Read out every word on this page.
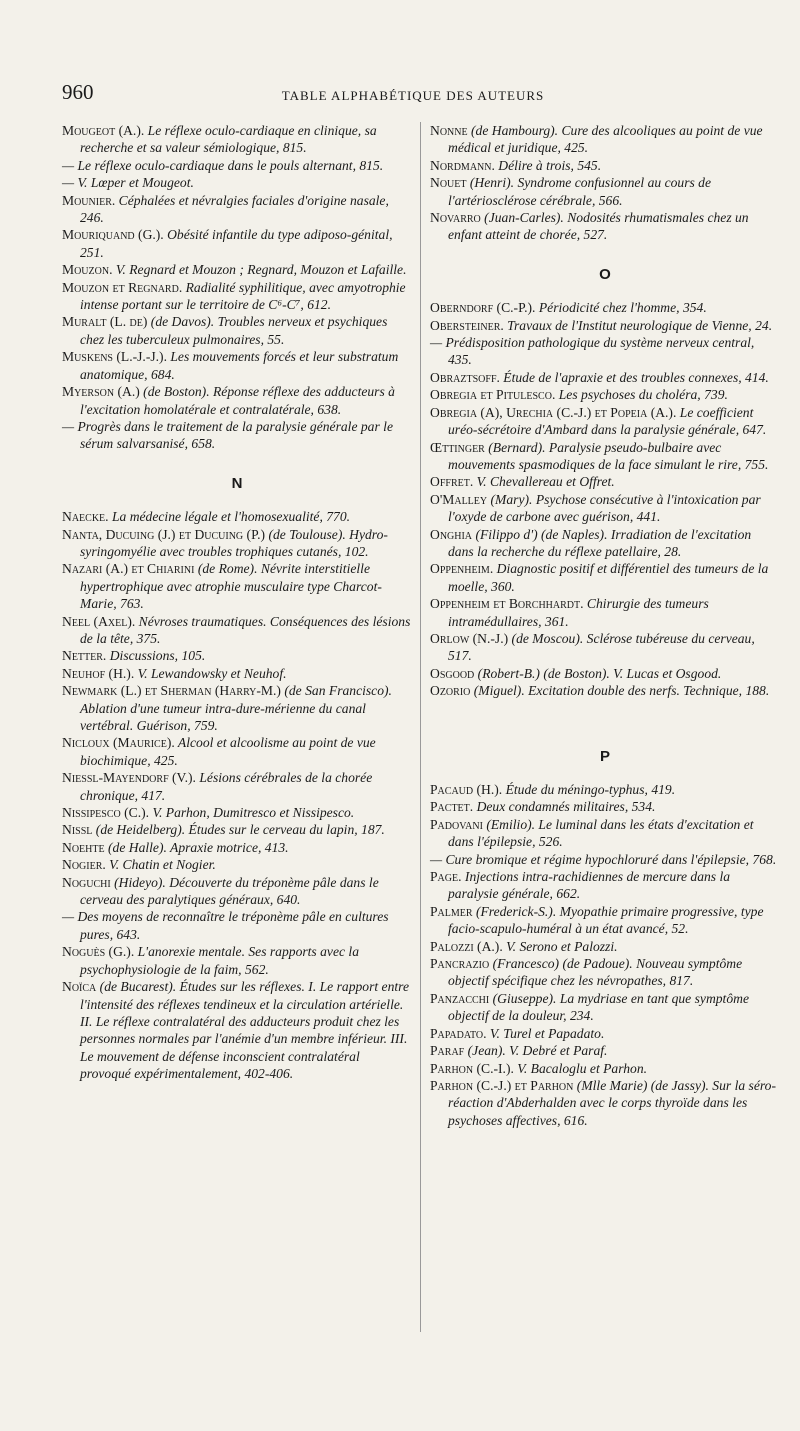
960	TABLE ALPHABÉTIQUE DES AUTEURS
Mougeot (A.). Le réflexe oculo-cardiaque en clinique, sa recherche et sa valeur sémiologique, 815.
— Le réflexe oculo-cardiaque dans le pouls alternant, 815.
— V. Lœper et Mougeot.
Mounier. Céphalées et névralgies faciales d'origine nasale, 246.
Mouriquand (G.). Obésité infantile du type adiposo-génital, 251.
Mouzon. V. Regnard et Mouzon ; Regnard, Mouzon et Lafaille.
Mouzon et Regnard. Radialité syphilitique, avec amyotrophie intense portant sur le territoire de C⁶-C⁷, 612.
Muralt (L. de) (de Davos). Troubles nerveux et psychiques chez les tuberculeux pulmonaires, 55.
Muskens (L.-J.-J.). Les mouvements forcés et leur substratum anatomique, 684.
Myerson (A.) (de Boston). Réponse réflexe des adducteurs à l'excitation homolatérale et contralatérale, 638.
— Progrès dans le traitement de la paralysie générale par le sérum salvarsanisé, 658.
N
Naecke. La médecine légale et l'homosexualité, 770.
Nanta, Ducuing (J.) et Ducuing (P.) (de Toulouse). Hydro-syringomyélie avec troubles trophiques cutanés, 102.
Nazari (A.) et Chiarini (de Rome). Névrite interstitielle hypertrophique avec atrophie musculaire type Charcot-Marie, 763.
Neel (Axel). Névroses traumatiques. Conséquences des lésions de la tête, 375.
Netter. Discussions, 105.
Neuhof (H.). V. Lewandowsky et Neuhof.
Newmark (L.) et Sherman (Harry-M.) (de San Francisco). Ablation d'une tumeur intra-dure-mérienne du canal vertébral. Guérison, 759.
Nicloux (Maurice). Alcool et alcoolisme au point de vue biochimique, 425.
Niessl-Mayendorf (V.). Lésions cérébrales de la chorée chronique, 417.
Nissipesco (C.). V. Parhon, Dumitresco et Nissipesco.
Nissl (de Heidelberg). Études sur le cerveau du lapin, 187.
Noehte (de Halle). Apraxie motrice, 413.
Nogier. V. Chatin et Nogier.
Noguchi (Hideyo). Découverte du tréponème pâle dans le cerveau des paralytiques généraux, 640.
— Des moyens de reconnaître le tréponème pâle en cultures pures, 643.
Noguès (G.). L'anorexie mentale. Ses rapports avec la psychophysiologie de la faim, 562.
Noïca (de Bucarest). Études sur les réflexes. I. Le rapport entre l'intensité des réflexes tendineux et la circulation artérielle. II. Le réflexe contralatéral des adducteurs produit chez les personnes normales par l'anémie d'un membre inférieur. III. Le mouvement de défense inconscient contralatéral provoqué expérimentalement, 402-406.
Nonne (de Hambourg). Cure des alcooliques au point de vue médical et juridique, 425.
Nordmann. Délire à trois, 545.
Nouet (Henri). Syndrome confusionnel au cours de l'artériosclérose cérébrale, 566.
Novarro (Juan-Carles). Nodosités rhumatismales chez un enfant atteint de chorée, 527.
O
Oberndorf (C.-P.). Périodicité chez l'homme, 354.
Obersteiner. Travaux de l'Institut neurologique de Vienne, 24.
— Prédisposition pathologique du système nerveux central, 435.
Obraztsoff. Étude de l'apraxie et des troubles connexes, 414.
Obregia et Pitulesco. Les psychoses du choléra, 739.
Obregia (A), Urechia (C.-J.) et Popeia (A.). Le coefficient uréo-sécrétoire d'Ambard dans la paralysie générale, 647.
Œttinger (Bernard). Paralysie pseudo-bulbaire avec mouvements spasmodiques de la face simulant le rire, 755.
Offret. V. Chevallereau et Offret.
O'Malley (Mary). Psychose consécutive à l'intoxication par l'oxyde de carbone avec guérison, 441.
Onghia (Filippo d') (de Naples). Irradiation de l'excitation dans la recherche du réflexe patellaire, 28.
Oppenheim. Diagnostic positif et différentiel des tumeurs de la moelle, 360.
Oppenheim et Borchhardt. Chirurgie des tumeurs intramédullaires, 361.
Orlow (N.-J.) (de Moscou). Sclérose tubéreuse du cerveau, 517.
Osgood (Robert-B.) (de Boston). V. Lucas et Osgood.
Ozorio (Miguel). Excitation double des nerfs. Technique, 188.
P
Pacaud (H.). Étude du méningo-typhus, 419.
Pactet. Deux condamnés militaires, 534.
Padovani (Emilio). Le luminal dans les états d'excitation et dans l'épilepsie, 526.
— Cure bromique et régime hypochloruré dans l'épilepsie, 768.
Page. Injections intra-rachidiennes de mercure dans la paralysie générale, 662.
Palmer (Frederick-S.). Myopathie primaire progressive, type facio-scapulo-huméral à un état avancé, 52.
Palozzi (A.). V. Serono et Palozzi.
Pancrazio (Francesco) (de Padoue). Nouveau symptôme objectif spécifique chez les névropathes, 817.
Panzacchi (Giuseppe). La mydriase en tant que symptôme objectif de la douleur, 234.
Papadato. V. Turel et Papadato.
Paraf (Jean). V. Debré et Paraf.
Parhon (C.-I.). V. Bacaloglu et Parhon.
Parhon (C.-J.) et Parhon (Mlle Marie) (de Jassy). Sur la séro-réaction d'Abderhalden avec le corps thyroïde dans les psychoses affectives, 616.
